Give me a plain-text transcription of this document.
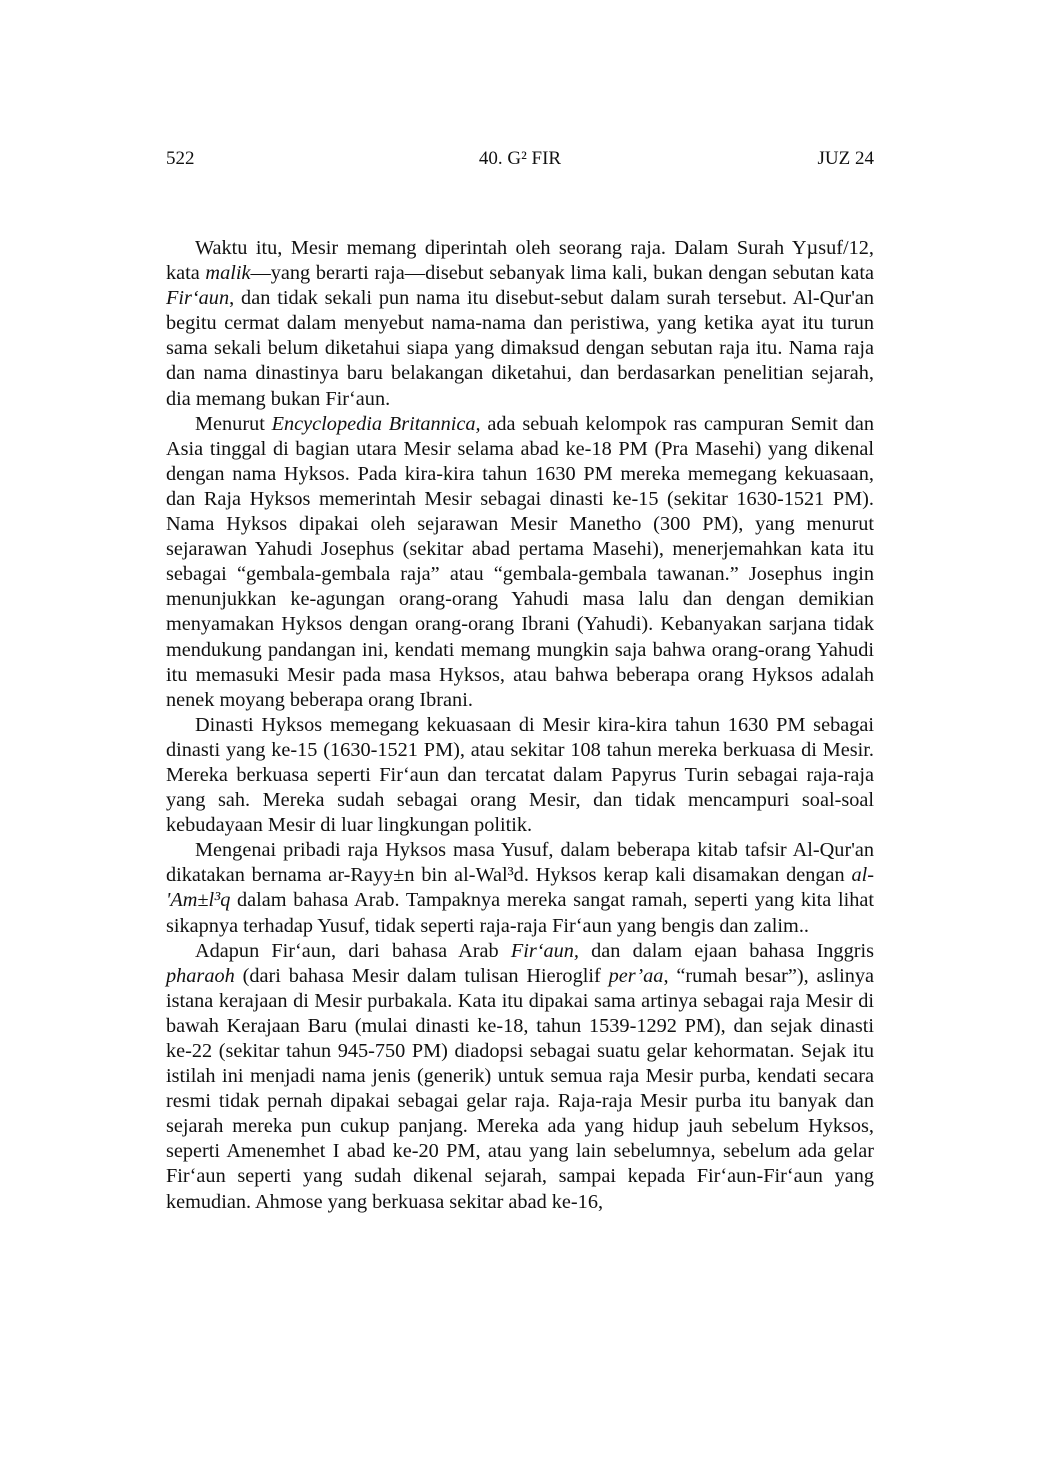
522	40. G² FIR	JUZ 24

Waktu itu, Mesir memang diperintah oleh seorang raja. Dalam Surah Yµsuf/12, kata malik—yang berarti raja—disebut sebanyak lima kali, bukan dengan sebutan kata Fir‘aun, dan tidak sekali pun nama itu disebut-sebut dalam surah tersebut. Al-Qur'an begitu cermat dalam menyebut nama-nama dan peristiwa, yang ketika ayat itu turun sama sekali belum diketahui siapa yang dimaksud dengan sebutan raja itu. Nama raja dan nama dinastinya baru belakangan diketahui, dan berdasarkan penelitian sejarah, dia memang bukan Fir‘aun.

Menurut Encyclopedia Britannica, ada sebuah kelompok ras campuran Semit dan Asia tinggal di bagian utara Mesir selama abad ke-18 PM (Pra Masehi) yang dikenal dengan nama Hyksos. Pada kira-kira tahun 1630 PM mereka memegang kekuasaan, dan Raja Hyksos memerintah Mesir sebagai dinasti ke-15 (sekitar 1630-1521 PM). Nama Hyksos dipakai oleh sejarawan Mesir Manetho (300 PM), yang menurut sejarawan Yahudi Josephus (sekitar abad pertama Masehi), menerjemahkan kata itu sebagai “gembala-gembala raja” atau “gembala-gembala tawanan.” Josephus ingin menunjukkan ke-agungan orang-orang Yahudi masa lalu dan dengan demikian menyamakan Hyksos dengan orang-orang Ibrani (Yahudi). Kebanyakan sarjana tidak mendukung pandangan ini, kendati memang mungkin saja bahwa orang-orang Yahudi itu memasuki Mesir pada masa Hyksos, atau bahwa beberapa orang Hyksos adalah nenek moyang beberapa orang Ibrani.

Dinasti Hyksos memegang kekuasaan di Mesir kira-kira tahun 1630 PM sebagai dinasti yang ke-15 (1630-1521 PM), atau sekitar 108 tahun mereka berkuasa di Mesir. Mereka berkuasa seperti Fir‘aun dan tercatat dalam Papyrus Turin sebagai raja-raja yang sah. Mereka sudah sebagai orang Mesir, dan tidak mencampuri soal-soal kebudayaan Mesir di luar lingkungan politik.

Mengenai pribadi raja Hyksos masa Yusuf, dalam beberapa kitab tafsir Al-Qur'an dikatakan bernama ar-Rayy±n bin al-Wal³d. Hyksos kerap kali disamakan dengan al-'Am±l³q dalam bahasa Arab. Tampaknya mereka sangat ramah, seperti yang kita lihat sikapnya terhadap Yusuf, tidak seperti raja-raja Fir‘aun yang bengis dan zalim..

Adapun Fir‘aun, dari bahasa Arab Fir‘aun, dan dalam ejaan bahasa Inggris pharaoh (dari bahasa Mesir dalam tulisan Hieroglif per’aa, “rumah besar”), aslinya istana kerajaan di Mesir purbakala. Kata itu dipakai sama artinya sebagai raja Mesir di bawah Kerajaan Baru (mulai dinasti ke-18, tahun 1539-1292 PM), dan sejak dinasti ke-22 (sekitar tahun 945-750 PM) diadopsi sebagai suatu gelar kehormatan. Sejak itu istilah ini menjadi nama jenis (generik) untuk semua raja Mesir purba, kendati secara resmi tidak pernah dipakai sebagai gelar raja. Raja-raja Mesir purba itu banyak dan sejarah mereka pun cukup panjang. Mereka ada yang hidup jauh sebelum Hyksos, seperti Amenemhet I abad ke-20 PM, atau yang lain sebelumnya, sebelum ada gelar Fir‘aun seperti yang sudah dikenal sejarah, sampai kepada Fir‘aun-Fir‘aun yang kemudian. Ahmose yang berkuasa sekitar abad ke-16,
